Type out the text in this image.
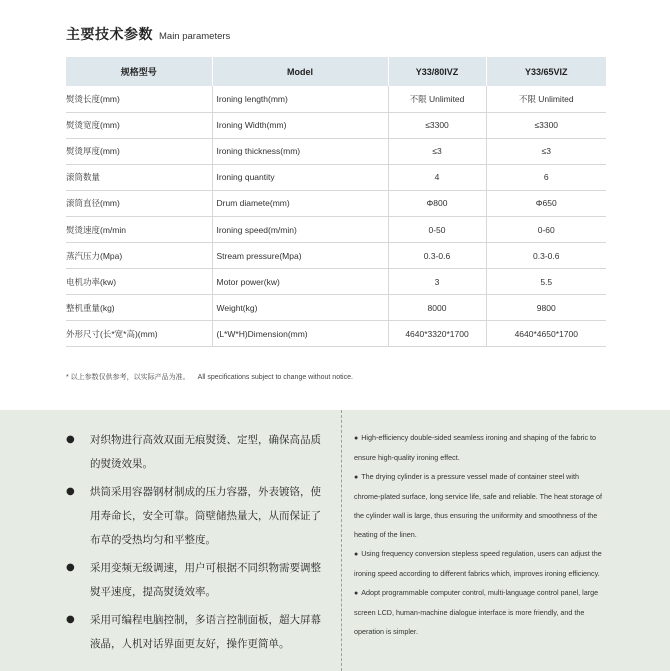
主要技术参数 Main parameters
规格型号	Model	Y33/80IVZ	Y33/65VIZ
熨烫长度(mm)	Ironing length(mm)	不限 Unlimited	不限 Unlimited
熨烫宽度(mm)	Ironing Width(mm)	≤3300	≤3300
熨烫厚度(mm)	Ironing thickness(mm)	≤3	≤3
滚筒数量	Ironing quantity	4	6
滚筒直径(mm)	Drum diamete(mm)	Φ800	Φ650
熨烫速度(m/min	Ironing speed(m/min)	0-50	0-60
蒸汽压力(Mpa)	Stream pressure(Mpa)	0.3-0.6	0.3-0.6
电机功率(kw)	Motor power(kw)	3	5.5
整机重量(kg)	Weight(kg)	8000	9800
外形尺寸(长*宽*高)(mm)	(L*W*H)Dimension(mm)	4640*3320*1700	4640*4650*1700
* 以上参数仅供参考，以实际产品为准。 All specifications subject to change without notice.
●	对织物进行高效双面无痕熨烫、定型，确保高品质的熨烫效果。
●	烘筒采用容器钢材制成的压力容器，外表镀铬，使用寿命长，安全可靠。筒壁储热量大，从而保证了布草的受热均匀和平整度。
●	采用变频无级调速，用户可根据不同织物需要调整熨平速度，提高熨烫效率。
●	采用可编程电脑控制，多语言控制面板，超大屏幕液晶，人机对话界面更友好，操作更简单。
● High-efficiency double-sided seamless ironing and shaping of the fabric to ensure high-quality ironing effect.
● The drying cylinder is a pressure vessel made of container steel with chrome-plated surface, long service life, safe and reliable. The heat storage of the cylinder wall is large, thus ensuring the uniformity and smoothness of the heating of the linen.
● Using frequency conversion stepless speed regulation, users can adjust the ironing speed according to different fabrics which, improves ironing efficiency.
● Adopt programmable computer control, multi-language control panel, large screen LCD, human-machine dialogue interface is more friendly, and the operation is simpler.
